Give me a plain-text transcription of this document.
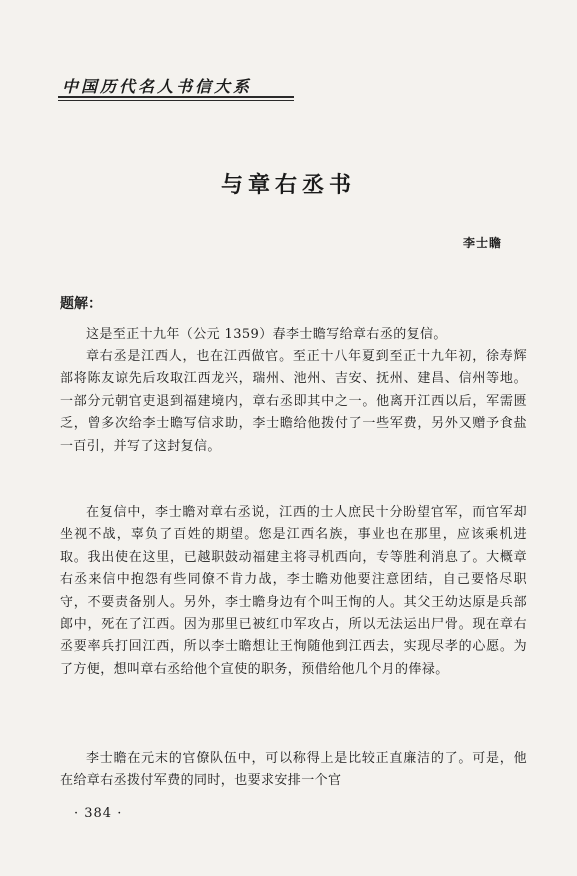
中国历代名人书信大系
与章右丞书
李士瞻
题解：

这是至正十九年（公元 1359）春李士瞻写给章右丞的复信。

章右丞是江西人，也在江西做官。至正十八年夏到至正十九年初，徐寿辉部将陈友谅先后攻取江西龙兴，瑞州、池州、吉安、抚州、建昌、信州等地。一部分元朝官吏退到福建境内，章右丞即其中之一。他离开江西以后，军需匮乏，曾多次给李士瞻写信求助，李士瞻给他拨付了一些军费，另外又赠予食盐一百引，并写了这封复信。

在复信中，李士瞻对章右丞说，江西的士人庶民十分盼望官军，而官军却坐视不战，辜负了百姓的期望。您是江西名族，事业也在那里，应该乘机进取。我出使在这里，已越职鼓动福建主将寻机西向，专等胜利消息了。大概章右丞来信中抱怨有些同僚不肯力战，李士瞻劝他要注意团结，自己要恪尽职守，不要责备别人。另外，李士瞻身边有个叫王恂的人。其父王幼达原是兵部郎中，死在了江西。因为那里已被红巾军攻占，所以无法运出尸骨。现在章右丞要率兵打回江西，所以李士瞻想让王恂随他到江西去，实现尽孝的心愿。为了方便，想叫章右丞给他个宣使的职务，预借给他几个月的俸禄。

李士瞻在元末的官僚队伍中，可以称得上是比较正直廉洁的了。可是，他在给章右丞拨付军费的同时，也要求安排一个官

· 384 ·
